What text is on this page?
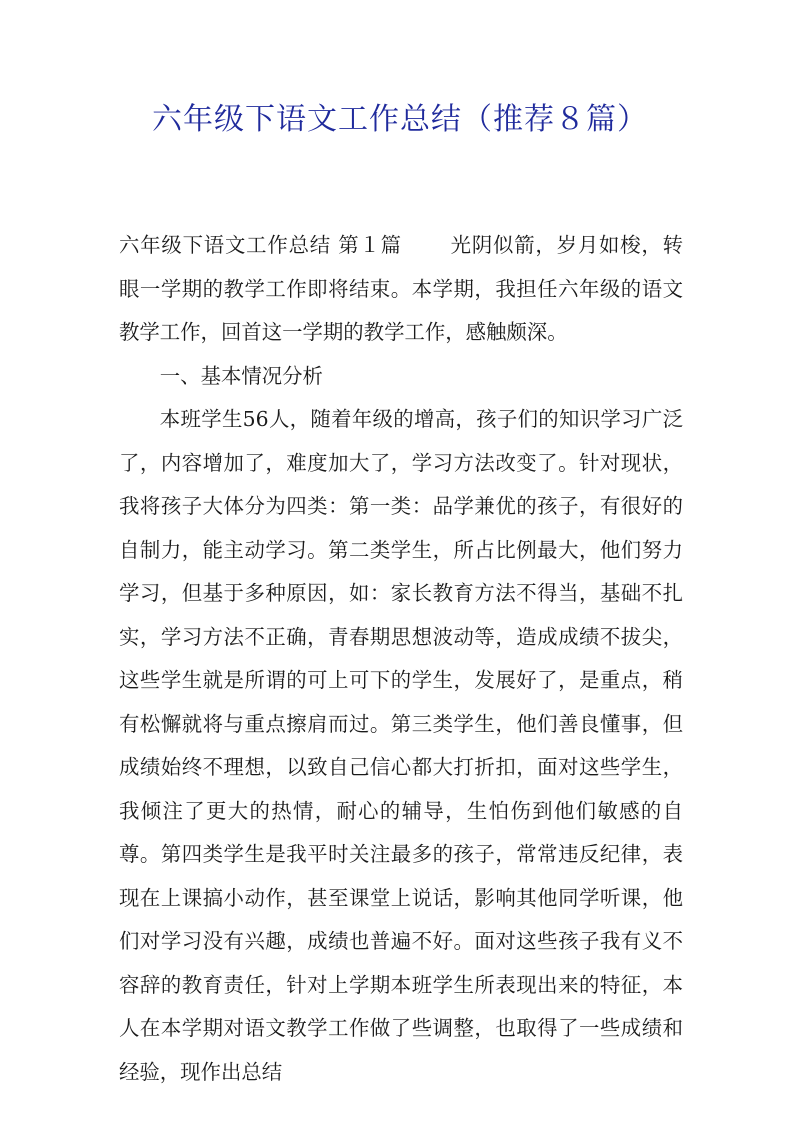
六年级下语文工作总结（推荐８篇）

六年级下语文工作总结 第１篇 光阴似箭，岁月如梭，转眼一学期的教学工作即将结束。本学期，我担任六年级的语文教学工作，回首这一学期的教学工作，感触颇深。

一、基本情况分析

本班学生56人，随着年级的增高，孩子们的知识学习广泛了，内容增加了，难度加大了，学习方法改变了。针对现状，我将孩子大体分为四类：第一类：品学兼优的孩子，有很好的自制力，能主动学习。第二类学生，所占比例最大，他们努力学习，但基于多种原因，如：家长教育方法不得当，基础不扎实，学习方法不正确，青春期思想波动等，造成成绩不拔尖，这些学生就是所谓的可上可下的学生，发展好了，是重点，稍有松懈就将与重点擦肩而过。第三类学生，他们善良懂事，但成绩始终不理想，以致自己信心都大打折扣，面对这些学生，我倾注了更大的热情，耐心的辅导，生怕伤到他们敏感的自尊。第四类学生是我平时关注最多的孩子，常常违反纪律，表现在上课搞小动作，甚至课堂上说话，影响其他同学听课，他们对学习没有兴趣，成绩也普遍不好。面对这些孩子我有义不容辞的教育责任，针对上学期本班学生所表现出来的特征，本人在本学期对语文教学工作做了些调整，也取得了一些成绩和经验，现作出总结
